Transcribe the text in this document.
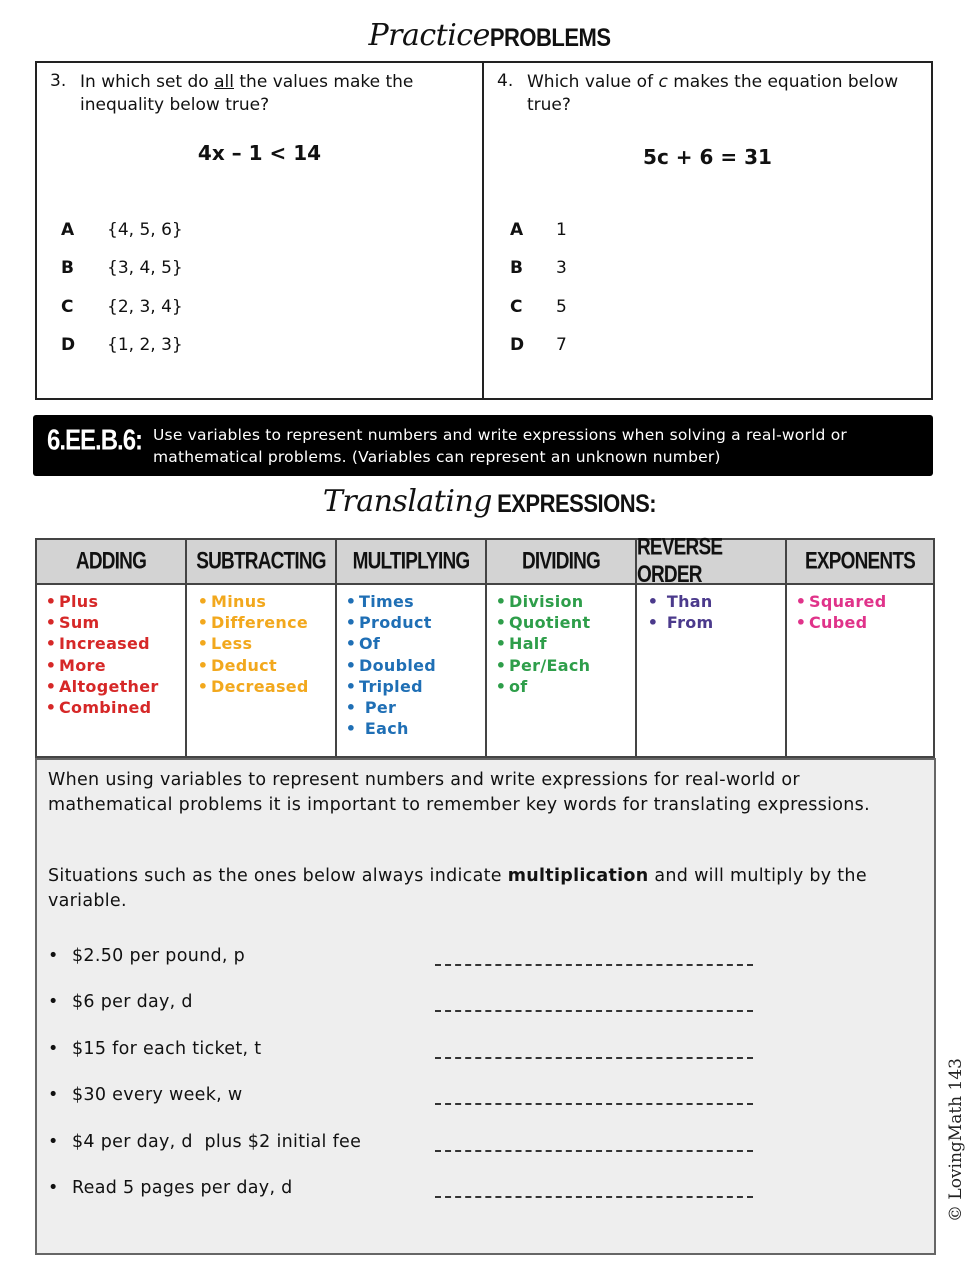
PracticePROBLEMS
3. In which set do all the values make the inequality below true?
4x – 1 < 14
A {4, 5, 6}
B {3, 4, 5}
C {2, 3, 4}
D {1, 2, 3}
4. Which value of c makes the equation below true?
5c + 6 = 31
A 1
B 3
C 5
D 7
6.EE.B.6: Use variables to represent numbers and write expressions when solving a real-world or mathematical problems. (Variables can represent an unknown number)
Translating EXPRESSIONS:
ADDING
• Plus
• Sum
• Increased
• More
• Altogether
• Combined
SUBTRACTING
• Minus
• Difference
• Less
• Deduct
• Decreased
MULTIPLYING
• Times
• Product
• Of
• Doubled
• Tripled
• Per
• Each
DIVIDING
• Division
• Quotient
• Half
• Per/Each
• of
REVERSE ORDER
• Than
• From
EXPONENTS
• Squared
• Cubed
When using variables to represent numbers and write expressions for real-world or mathematical problems it is important to remember key words for translating expressions.
Situations such as the ones below always indicate multiplication and will multiply by the variable.
• $2.50 per pound, p
• $6 per day, d
• $15 for each ticket, t
• $30 every week, w
• $4 per day, d  plus $2 initial fee
• Read 5 pages per day, d	© LovingMath 143
